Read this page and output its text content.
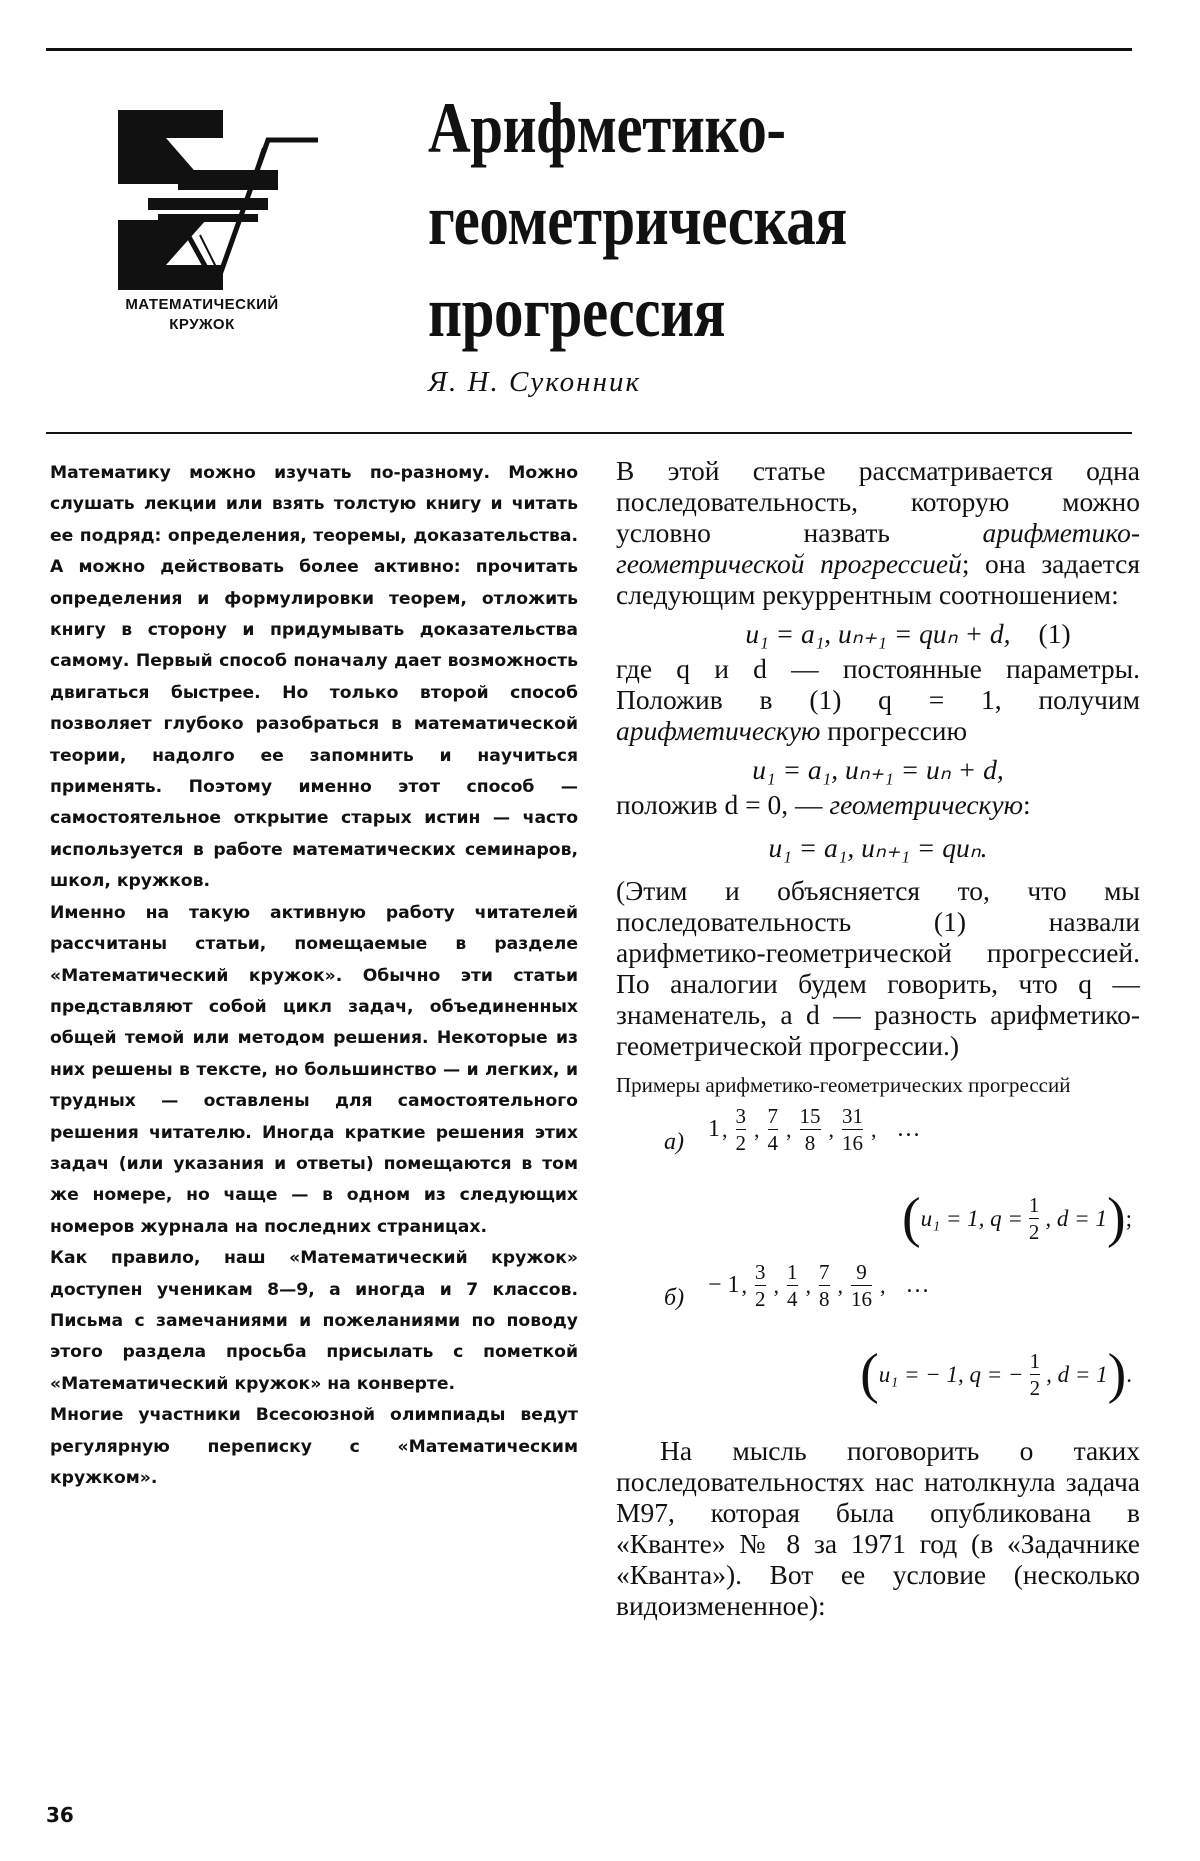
МАТЕМАТИЧЕСКИЙ
КРУЖОК
Арифметико-
геометрическая
прогрессия
Я. Н. Суконник

Математику можно изучать по-разному. Можно слушать лекции или взять толстую книгу и читать ее подряд: определения, теоремы, доказательства. А можно действовать более активно: прочитать определения и формулировки теорем, отложить книгу в сторону и придумывать доказательства самому. Первый способ поначалу дает возможность двигаться быстрее. Но только второй способ позволяет глубоко разобраться в математической теории, надолго ее запомнить и научиться применять. Поэтому именно этот способ — самостоятельное открытие старых истин — часто используется в работе математических семинаров, школ, кружков.

Именно на такую активную работу читателей рассчитаны статьи, помещаемые в разделе «Математический кружок». Обычно эти статьи представляют собой цикл задач, объединенных общей темой или методом решения. Некоторые из них решены в тексте, но большинство — и легких, и трудных — оставлены для самостоятельного решения читателю. Иногда краткие решения этих задач (или указания и ответы) помещаются в том же номере, но чаще — в одном из следующих номеров журнала на последних страницах.

Как правило, наш «Математический кружок» доступен ученикам 8—9, а иногда и 7 классов. Письма с замечаниями и пожеланиями по поводу этого раздела просьба присылать с пометкой «Математический кружок» на конверте.

Многие участники Всесоюзной олимпиады ведут регулярную переписку с «Математическим кружком».

В этой статье рассматривается одна последовательность, которую можно условно назвать арифметико-геометрической прогрессией; она задается следующим рекуррентным соотношением:

u₁ = a₁, uₙ₊₁ = quₙ + d, (1)

где q и d — постоянные параметры. Положив в (1) q = 1, получим арифметическую прогрессию

u₁ = a₁, uₙ₊₁ = uₙ + d,

положив d = 0, — геометрическую:

u₁ = a₁, uₙ₊₁ = quₙ.

(Этим и объясняется то, что мы последовательность (1) назвали арифметико-геометрической прогрессией. По аналогии будем говорить, что q — знаменатель, а d — разность арифметико-геометрической прогрессии.)

Примеры арифметико-геометрических прогрессий

а) 1 , $\frac{3}{2}$ , $\frac{7}{4}$ , $\frac{15}{8}$ , $\frac{31}{16}$ , …
( u₁ = 1, $q = \frac{1}{2}$ , d = 1 ) ;
б) − 1 , $\frac{3}{2}$ , $\frac{1}{4}$ , $\frac{7}{8}$ , $\frac{9}{16}$ , …
( u₁ = − 1, q = − $\frac{1}{2}$ , d = 1 ) .

На мысль поговорить о таких последовательностях нас натолкнула задача М97, которая была опубликована в «Кванте» № 8 за 1971 год (в «Задачнике «Кванта»). Вот ее условие (несколько видоизмененное):

36
